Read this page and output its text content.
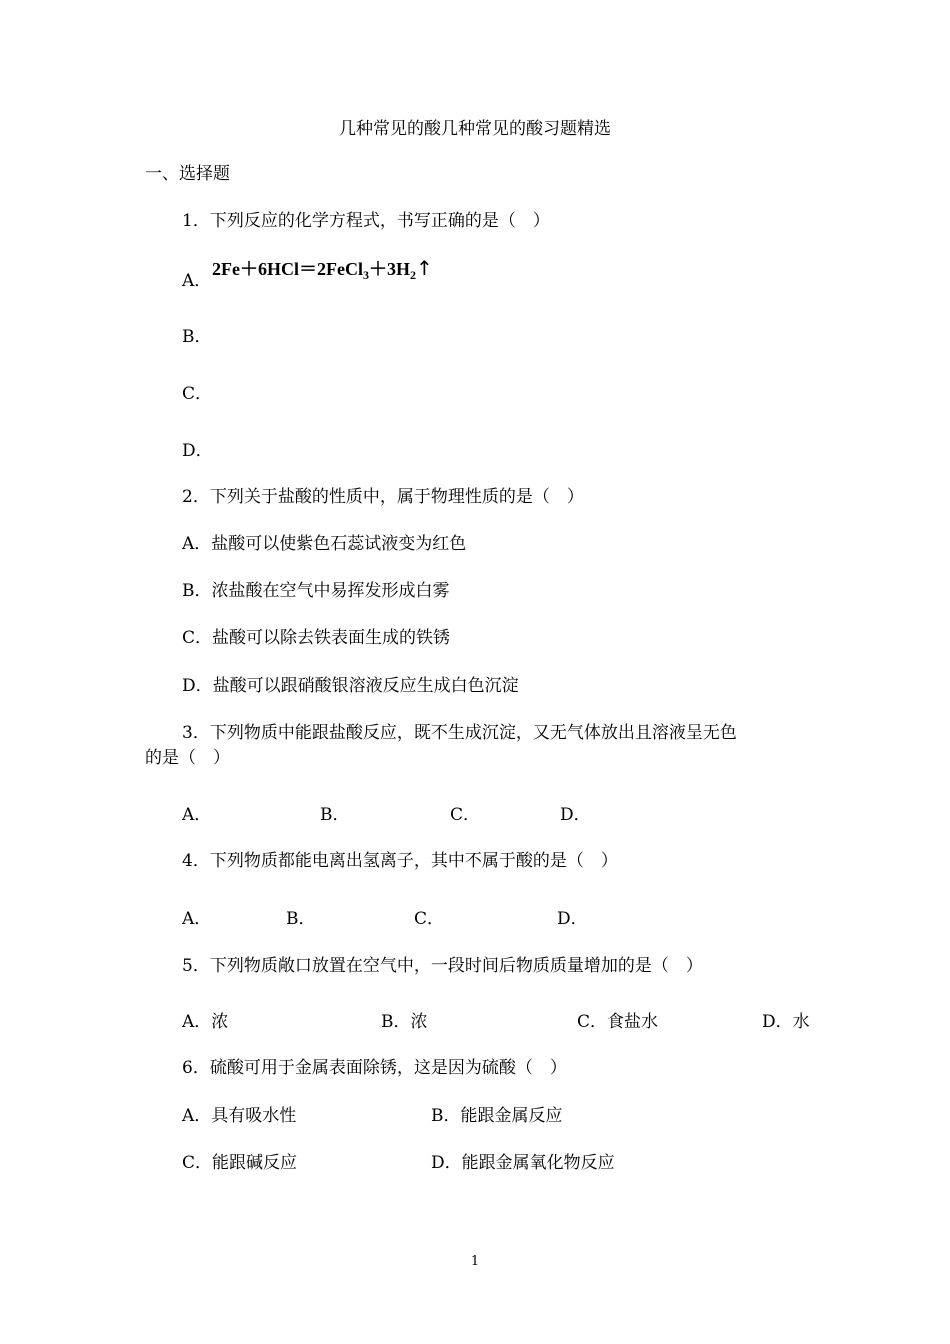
几种常见的酸几种常见的酸习题精选
一、选择题
1．下列反应的化学方程式，书写正确的是（　）
A．
$2Fe+6HCl=2FeCl_3+3H_2↑$
B．
C．
D．
2．下列关于盐酸的性质中，属于物理性质的是（　）
A．盐酸可以使紫色石蕊试液变为红色
B．浓盐酸在空气中易挥发形成白雾
C．盐酸可以除去铁表面生成的铁锈
D．盐酸可以跟硝酸银溶液反应生成白色沉淀
3．下列物质中能跟盐酸反应，既不生成沉淀，又无气体放出且溶液呈无色
的是（　）
A．	B．	C．	D．
4．下列物质都能电离出氢离子，其中不属于酸的是（　）
A．	B．	C．	D．
5．下列物质敞口放置在空气中，一段时间后物质质量增加的是（　）
A．浓	B．浓	C．食盐水	D．水
6．硫酸可用于金属表面除锈，这是因为硫酸（　）
A．具有吸水性	B．能跟金属反应
C．能跟碱反应	D．能跟金属氧化物反应
1
